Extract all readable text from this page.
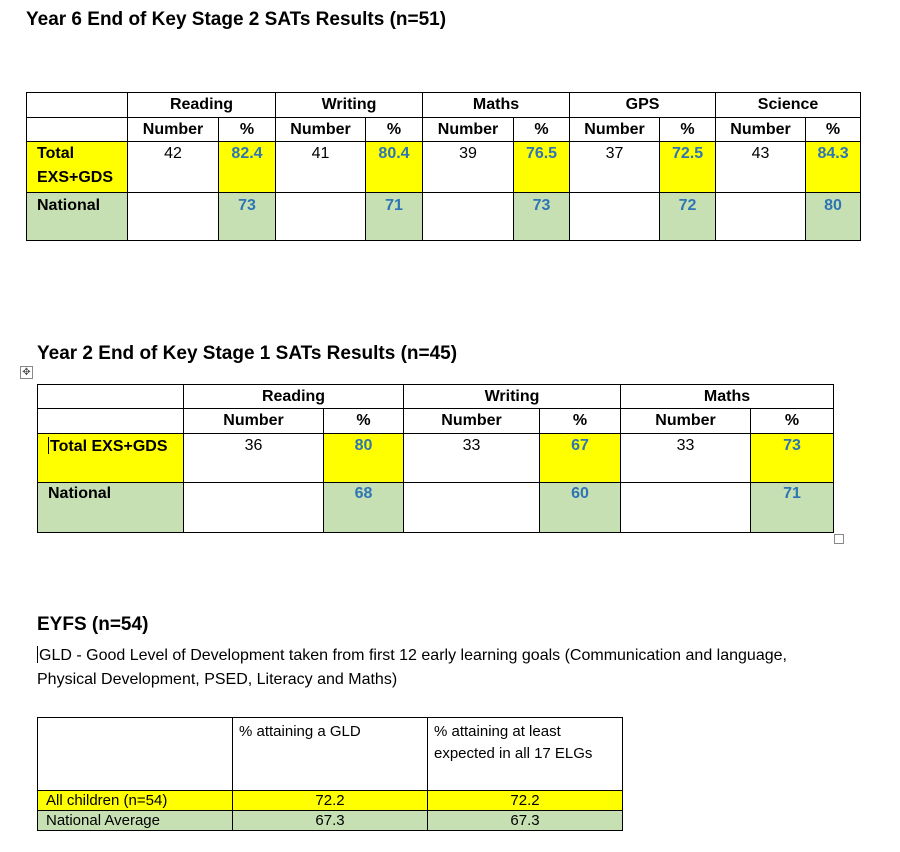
Year 6 End of Key Stage 2 SATs Results (n=51)
	Reading		Writing		Maths		GPS		Science	
	Number	%	Number	%	Number	%	Number	%	Number	%
Total EXS+GDS	42	82.4	41	80.4	39	76.5	37	72.5	43	84.3
National		73		71		73		72		80
Year 2 End of Key Stage 1 SATs Results (n=45)
✥
	Reading		Writing		Maths	
	Number	%	Number	%	Number	%
Total EXS+GDS	36	80	33	67	33	73
National		68		60		71
EYFS (n=54)
GLD - Good Level of Development taken from first 12 early learning goals (Communication and language, Physical Development, PSED, Literacy and Maths)
	% attaining a GLD	% attaining at least expected in all 17 ELGs
All children (n=54)	72.2	72.2
National Average	67.3	67.3
